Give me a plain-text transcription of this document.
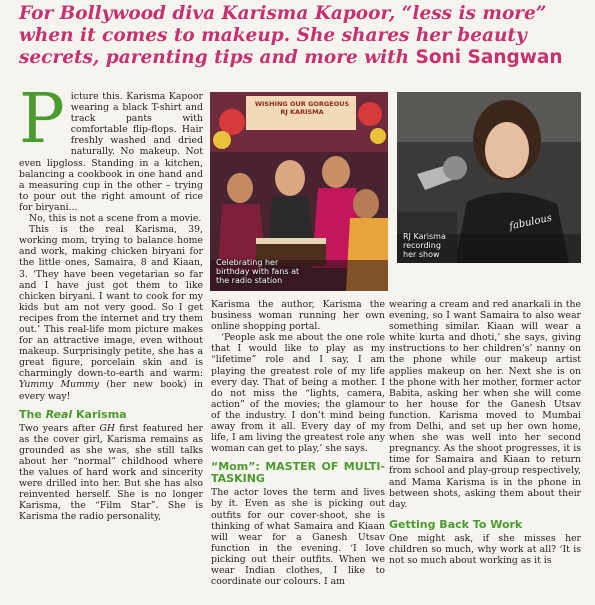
For Bollywood diva Karisma Kapoor, “less is more” when it comes to makeup. She shares her beauty secrets, parenting tips and more with Soni Sangwan

Picture this. Karisma Kapoor wearing a black T-shirt and track pants with comfortable flip-flops. Hair freshly washed and dried naturally. No makeup. Not even lipgloss. Standing in a kitchen, balancing a cookbook in one hand and a measuring cup in the other – trying to pour out the right amount of rice for biryani...

No, this is not a scene from a movie.

This is the real Karisma, 39, working mom, trying to balance home and work, making chicken biryani for the little ones, Samaira, 8 and Kiaan, 3. ‘They have been vegetarian so far and I have just got them to like chicken biryani. I want to cook for my kids but am not very good. So I get recipes from the internet and try them out.’ This real-life mom picture makes for an attractive image, even without makeup. Surprisingly petite, she has a great figure, porcelain skin and is charmingly down-to-earth and warm: Yummy Mummy (her new book) in every way!

The Real Karisma

Two years after GH first featured her as the cover girl, Karisma remains as grounded as she was, she still talks about her “normal” childhood where the values of hard work and sincerity were drilled into her. But she has also reinvented herself. She is no longer Karisma, the “Film Star”. She is Karisma the radio personality,

Karisma the author, Karisma the business woman running her own online shopping portal.

‘People ask me about the one role that I would like to play as my “lifetime” role and I say, I am playing the greatest role of my life every day. That of being a mother. I do not miss the “lights, camera, action” of the movies; the glamour of the industry. I don’t mind being away from it all. Every day of my life, I am living the greatest role any woman can get to play,’ she says.

“Mom”: MASTER OF MULTI-TASKING

The actor loves the term and lives by it. Even as she is picking out outfits for our cover-shoot, she is thinking of what Samaira and Kiaan will wear for a Ganesh Utsav function in the evening. ‘I love picking out their outfits. When we wear Indian clothes, I like to coordinate our colours. I am

wearing a cream and red anarkali in the evening, so I want Samaira to also wear something similar. Kiaan will wear a white kurta and dhoti,’ she says, giving instructions to her children’s’ nanny on the phone while our makeup artist applies makeup on her. Next she is on the phone with her mother, former actor Babita, asking her when she will come to her house for the Ganesh Utsav function. Karisma moved to Mumbai from Delhi, and set up her own home, when she was well into her second pregnancy. As the shoot progresses, it is time for Samaira and Kiaan to return from school and play-group respectively, and Mama Karisma is in the phone in between shots, asking them about their day.

Getting Back To Work

One might ask, if she misses her children so much, why work at all? ‘It is not so much about working as it is

WISHING OUR GORGEOUS
RJ KARISMA
Celebrating her
birthday with fans at
the radio station
fabulous
RJ Karisma
recording
her show
